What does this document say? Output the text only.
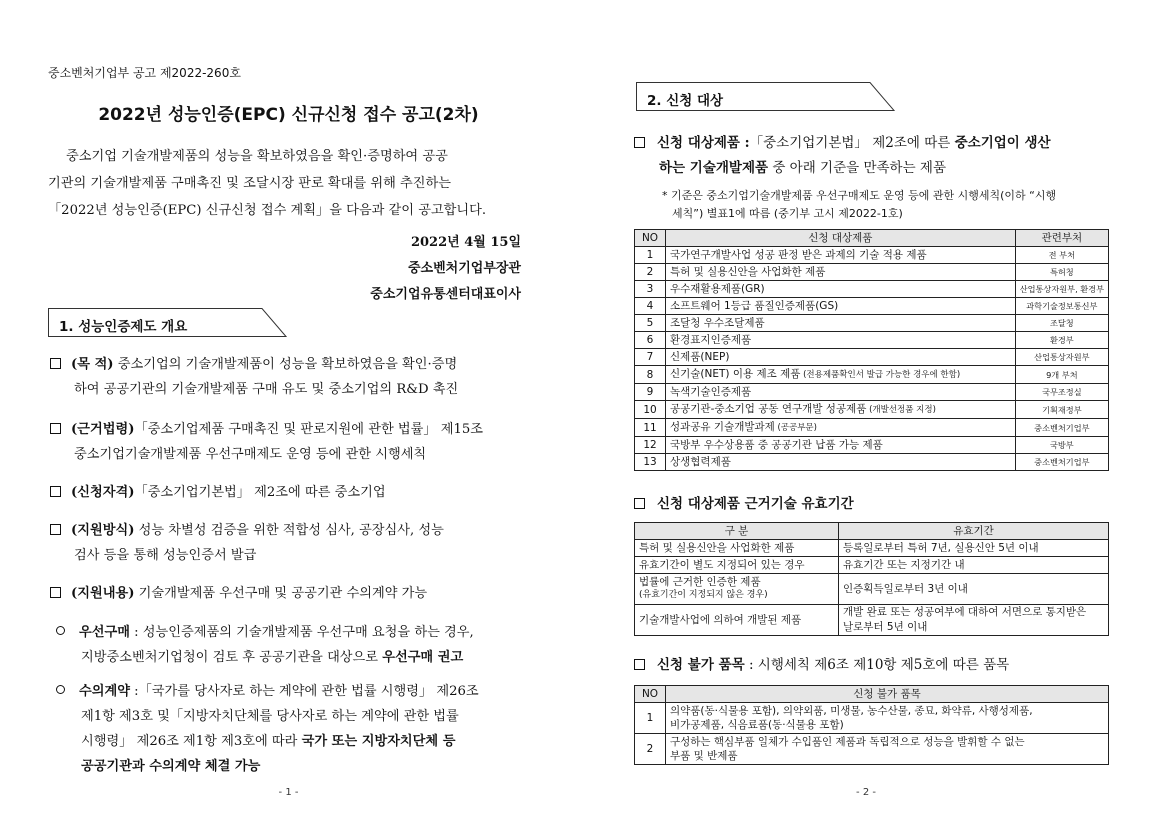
중소벤처기업부 공고 제2022-260호
2022년 성능인증(EPC) 신규신청 접수 공고(2차)
중소기업 기술개발제품의 성능을 확보하였음을 확인·증명하여 공공
기관의 기술개발제품 구매촉진 및 조달시장 판로 확대를 위해 추진하는
「2022년 성능인증(EPC) 신규신청 접수 계획」을 다음과 같이 공고합니다.
2022년 4월 15일
중소벤처기업부장관
중소기업유통센터대표이사
1. 성능인증제도 개요
(목 적) 중소기업의 기술개발제품이 성능을 확보하였음을 확인·증명
하여 공공기관의 기술개발제품 구매 유도 및 중소기업의 R&D 촉진
(근거법령)「중소기업제품 구매촉진 및 판로지원에 관한 법률」 제15조
중소기업기술개발제품 우선구매제도 운영 등에 관한 시행세칙
(신청자격)「중소기업기본법」 제2조에 따른 중소기업
(지원방식) 성능 차별성 검증을 위한 적합성 심사, 공장심사, 성능
검사 등을 통해 성능인증서 발급
(지원내용) 기술개발제품 우선구매 및 공공기관 수의계약 가능
우선구매 : 성능인증제품의 기술개발제품 우선구매 요청을 하는 경우,
지방중소벤처기업청이 검토 후 공공기관을 대상으로 우선구매 권고
수의계약 :「국가를 당사자로 하는 계약에 관한 법률 시행령」 제26조
제1항 제3호 및「지방자치단체를 당사자로 하는 계약에 관한 법률
시행령」 제26조 제1항 제3호에 따라 국가 또는 지방자치단체 등
공공기관과 수의계약 체결 가능
- 1 -
2. 신청 대상
신청 대상제품 :「중소기업기본법」 제2조에 따른 중소기업이 생산
하는 기술개발제품 중 아래 기준을 만족하는 제품
* 기준은 중소기업기술개발제품 우선구매제도 운영 등에 관한 시행세칙(이하 “시행
세칙”) 별표1에 따름 (중기부 고시 제2022-1호)
NO	신청 대상제품	관련부처
1	국가연구개발사업 성공 판정 받은 과제의 기술 적용 제품	전 부처
2	특허 및 실용신안을 사업화한 제품	특허청
3	우수재활용제품(GR)	산업통상자원부, 환경부
4	소프트웨어 1등급 품질인증제품(GS)	과학기술정보통신부
5	조달청 우수조달제품	조달청
6	환경표지인증제품	환경부
7	신제품(NEP)	산업통상자원부
8	신기술(NET) 이용 제조 제품 (전용제품확인서 발급 가능한 경우에 한함)	9개 부처
9	녹색기술인증제품	국무조정실
10	공공기관-중소기업 공동 연구개발 성공제품 (개발선정품 지정)	기획재정부
11	성과공유 기술개발과제 (공공부문)	중소벤처기업부
12	국방부 우수상용품 중 공공기관 납품 가능 제품	국방부
13	상생협력제품	중소벤처기업부
신청 대상제품 근거기술 유효기간
구 분	유효기간
특허 및 실용신안을 사업화한 제품	등록일로부터 특허 7년, 실용신안 5년 이내
유효기간이 별도 지정되어 있는 경우	유효기간 또는 지정기간 내

법률에 근거한 인증한 제품
(유효기간이 지정되지 않은 경우)	인증획득일로부터 3년 이내
기술개발사업에 의하여 개발된 제품	개발 완료 또는 성공여부에 대하여 서면으로 통지받은
날로부터 5년 이내
신청 불가 품목 : 시행세칙 제6조 제10항 제5호에 따른 품목
NO	신청 불가 품목
1	의약품(동·식물용 포함), 의약외품, 미생물, 농수산물, 종묘, 화약류, 사행성제품,
비가공제품, 식음료품(동·식물용 포함)

2	구성하는 핵심부품 일체가 수입품인 제품과 독립적으로 성능을 발휘할 수 없는
부품 및 반제품
- 2 -
